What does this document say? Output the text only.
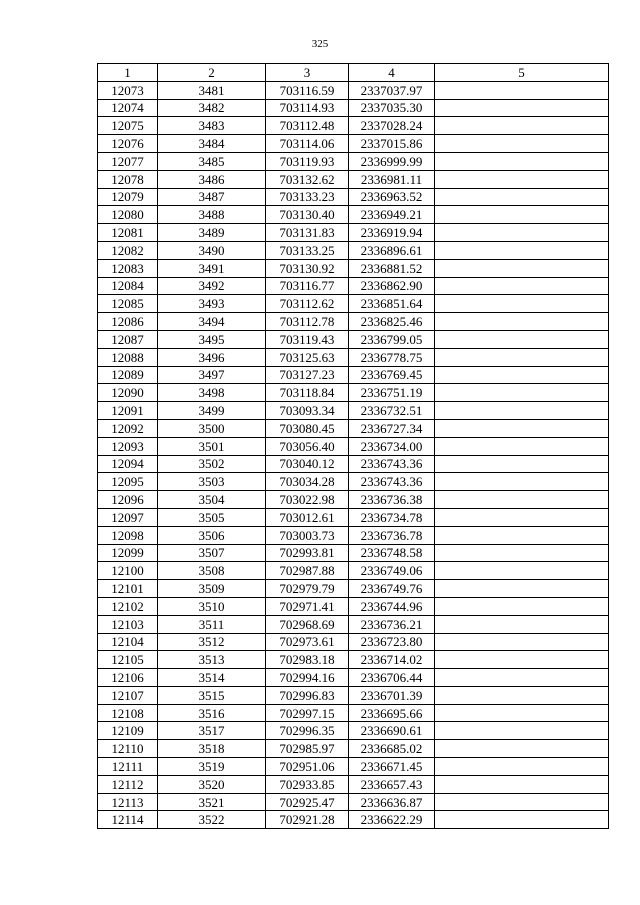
325
1	2	3	4	5
12073	3481	703116.59	2337037.97	
12074	3482	703114.93	2337035.30	
12075	3483	703112.48	2337028.24	
12076	3484	703114.06	2337015.86	
12077	3485	703119.93	2336999.99	
12078	3486	703132.62	2336981.11	
12079	3487	703133.23	2336963.52	
12080	3488	703130.40	2336949.21	
12081	3489	703131.83	2336919.94	
12082	3490	703133.25	2336896.61	
12083	3491	703130.92	2336881.52	
12084	3492	703116.77	2336862.90	
12085	3493	703112.62	2336851.64	
12086	3494	703112.78	2336825.46	
12087	3495	703119.43	2336799.05	
12088	3496	703125.63	2336778.75	
12089	3497	703127.23	2336769.45	
12090	3498	703118.84	2336751.19	
12091	3499	703093.34	2336732.51	
12092	3500	703080.45	2336727.34	
12093	3501	703056.40	2336734.00	
12094	3502	703040.12	2336743.36	
12095	3503	703034.28	2336743.36	
12096	3504	703022.98	2336736.38	
12097	3505	703012.61	2336734.78	
12098	3506	703003.73	2336736.78	
12099	3507	702993.81	2336748.58	
12100	3508	702987.88	2336749.06	
12101	3509	702979.79	2336749.76	
12102	3510	702971.41	2336744.96	
12103	3511	702968.69	2336736.21	
12104	3512	702973.61	2336723.80	
12105	3513	702983.18	2336714.02	
12106	3514	702994.16	2336706.44	
12107	3515	702996.83	2336701.39	
12108	3516	702997.15	2336695.66	
12109	3517	702996.35	2336690.61	
12110	3518	702985.97	2336685.02	
12111	3519	702951.06	2336671.45	
12112	3520	702933.85	2336657.43	
12113	3521	702925.47	2336636.87	
12114	3522	702921.28	2336622.29	
